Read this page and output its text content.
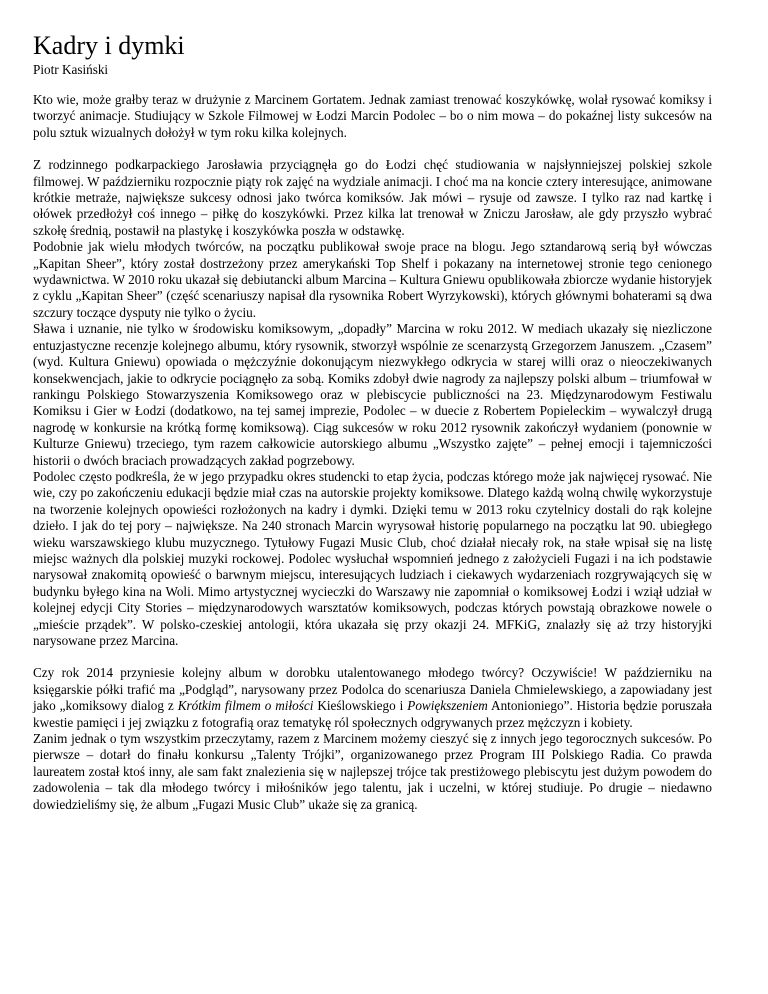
Kadry i dymki
Piotr Kasiński

Kto wie, może grałby teraz w drużynie z Marcinem Gortatem. Jednak zamiast trenować koszykówkę, wolał rysować komiksy i tworzyć animacje. Studiujący w Szkole Filmowej w Łodzi Marcin Podolec – bo o nim mowa – do pokaźnej listy sukcesów na polu sztuk wizualnych dołożył w tym roku kilka kolejnych.

Z rodzinnego podkarpackiego Jarosławia przyciągnęła go do Łodzi chęć studiowania w najsłynniejszej polskiej szkole filmowej. W październiku rozpocznie piąty rok zajęć na wydziale animacji. I choć ma na koncie cztery interesujące, animowane krótkie metraże, największe sukcesy odnosi jako twórca komiksów. Jak mówi – rysuje od zawsze. I tylko raz nad kartkę i ołówek przedłożył coś innego – piłkę do koszykówki. Przez kilka lat trenował w Zniczu Jarosław, ale gdy przyszło wybrać szkołę średnią, postawił na plastykę i koszykówka poszła w odstawkę.

Podobnie jak wielu młodych twórców, na początku publikował swoje prace na blogu. Jego sztandarową serią był wówczas „Kapitan Sheer”, który został dostrzeżony przez amerykański Top Shelf i pokazany na internetowej stronie tego cenionego wydawnictwa. W 2010 roku ukazał się debiutancki album Marcina – Kultura Gniewu opublikowała zbiorcze wydanie historyjek z cyklu „Kapitan Sheer” (część scenariuszy napisał dla rysownika Robert Wyrzykowski), których głównymi bohaterami są dwa szczury toczące dysputy nie tylko o życiu.

Sława i uznanie, nie tylko w środowisku komiksowym, „dopadły” Marcina w roku 2012. W mediach ukazały się niezliczone entuzjastyczne recenzje kolejnego albumu, który rysownik, stworzył wspólnie ze scenarzystą Grzegorzem Januszem. „Czasem” (wyd. Kultura Gniewu) opowiada o mężczyźnie dokonującym niezwykłego odkrycia w starej willi oraz o nieoczekiwanych konsekwencjach, jakie to odkrycie pociągnęło za sobą. Komiks zdobył dwie nagrody za najlepszy polski album – triumfował w rankingu Polskiego Stowarzyszenia Komiksowego oraz w plebiscycie publiczności na 23. Międzynarodowym Festiwalu Komiksu i Gier w Łodzi (dodatkowo, na tej samej imprezie, Podolec – w duecie z Robertem Popieleckim – wywalczył drugą nagrodę w konkursie na krótką formę komiksową). Ciąg sukcesów w roku 2012 rysownik zakończył wydaniem (ponownie w Kulturze Gniewu) trzeciego, tym razem całkowicie autorskiego albumu „Wszystko zajęte” – pełnej emocji i tajemniczości historii o dwóch braciach prowadzących zakład pogrzebowy.

Podolec często podkreśla, że w jego przypadku okres studencki to etap życia, podczas którego może jak najwięcej rysować. Nie wie, czy po zakończeniu edukacji będzie miał czas na autorskie projekty komiksowe. Dlatego każdą wolną chwilę wykorzystuje na tworzenie kolejnych opowieści rozłożonych na kadry i dymki. Dzięki temu w 2013 roku czytelnicy dostali do rąk kolejne dzieło. I jak do tej pory – największe. Na 240 stronach Marcin wyrysował historię popularnego na początku lat 90. ubiegłego wieku warszawskiego klubu muzycznego. Tytułowy Fugazi Music Club, choć działał niecały rok, na stałe wpisał się na listę miejsc ważnych dla polskiej muzyki rockowej. Podolec wysłuchał wspomnień jednego z założycieli Fugazi i na ich podstawie narysował znakomitą opowieść o barwnym miejscu, interesujących ludziach i ciekawych wydarzeniach rozgrywających się w budynku byłego kina na Woli. Mimo artystycznej wycieczki do Warszawy nie zapomniał o komiksowej Łodzi i wziął udział w kolejnej edycji City Stories – międzynarodowych warsztatów komiksowych, podczas których powstają obrazkowe nowele o „mieście prządek”. W polsko-czeskiej antologii, która ukazała się przy okazji 24. MFKiG, znalazły się aż trzy historyjki narysowane przez Marcina.

Czy rok 2014 przyniesie kolejny album w dorobku utalentowanego młodego twórcy? Oczywiście! W październiku na księgarskie półki trafić ma „Podgląd”, narysowany przez Podolca do scenariusza Daniela Chmielewskiego, a zapowiadany jest jako „komiksowy dialog z Krótkim filmem o miłości Kieślowskiego i Powiększeniem Antonioniego”. Historia będzie poruszała kwestie pamięci i jej związku z fotografią oraz tematykę ról społecznych odgrywanych przez mężczyzn i kobiety.

Zanim jednak o tym wszystkim przeczytamy, razem z Marcinem możemy cieszyć się z innych jego tegorocznych sukcesów. Po pierwsze – dotarł do finału konkursu „Talenty Trójki”, organizowanego przez Program III Polskiego Radia. Co prawda laureatem został ktoś inny, ale sam fakt znalezienia się w najlepszej trójce tak prestiżowego plebiscytu jest dużym powodem do zadowolenia – tak dla młodego twórcy i miłośników jego talentu, jak i uczelni, w której studiuje. Po drugie – niedawno dowiedzieliśmy się, że album „Fugazi Music Club” ukaże się za granicą.
